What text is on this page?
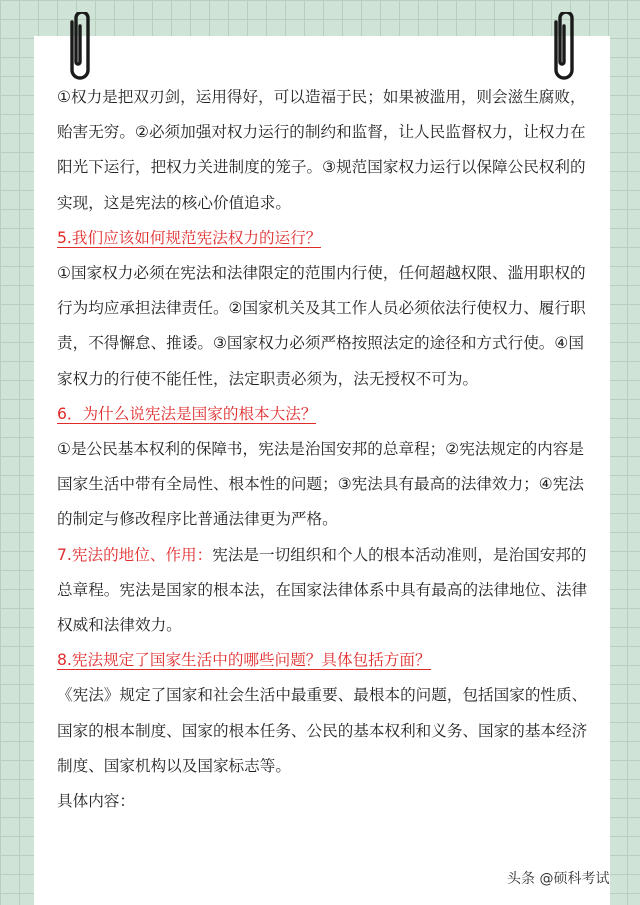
①权力是把双刃剑，运用得好，可以造福于民；如果被滥用，则会滋生腐败，贻害无穷。②必须加强对权力运行的制约和监督，让人民监督权力，让权力在阳光下运行，把权力关进制度的笼子。③规范国家权力运行以保障公民权利的实现，这是宪法的核心价值追求。

5.我们应该如何规范宪法权力的运行？

①国家权力必须在宪法和法律限定的范围内行使，任何超越权限、滥用职权的行为均应承担法律责任。②国家机关及其工作人员必须依法行使权力、履行职责，不得懈怠、推诿。③国家权力必须严格按照法定的途径和方式行使。④国家权力的行使不能任性，法定职责必须为，法无授权不可为。

6．为什么说宪法是国家的根本大法？

①是公民基本权利的保障书，宪法是治国安邦的总章程；②宪法规定的内容是国家生活中带有全局性、根本性的问题；③宪法具有最高的法律效力；④宪法的制定与修改程序比普通法律更为严格。

7.宪法的地位、作用：宪法是一切组织和个人的根本活动准则，是治国安邦的总章程。宪法是国家的根本法，在国家法律体系中具有最高的法律地位、法律权威和法律效力。

8.宪法规定了国家生活中的哪些问题？具体包括方面？

《宪法》规定了国家和社会生活中最重要、最根本的问题，包括国家的性质、国家的根本制度、国家的根本任务、公民的基本权利和义务、国家的基本经济制度、国家机构以及国家标志等。

具体内容：

头条 @硕科考试
